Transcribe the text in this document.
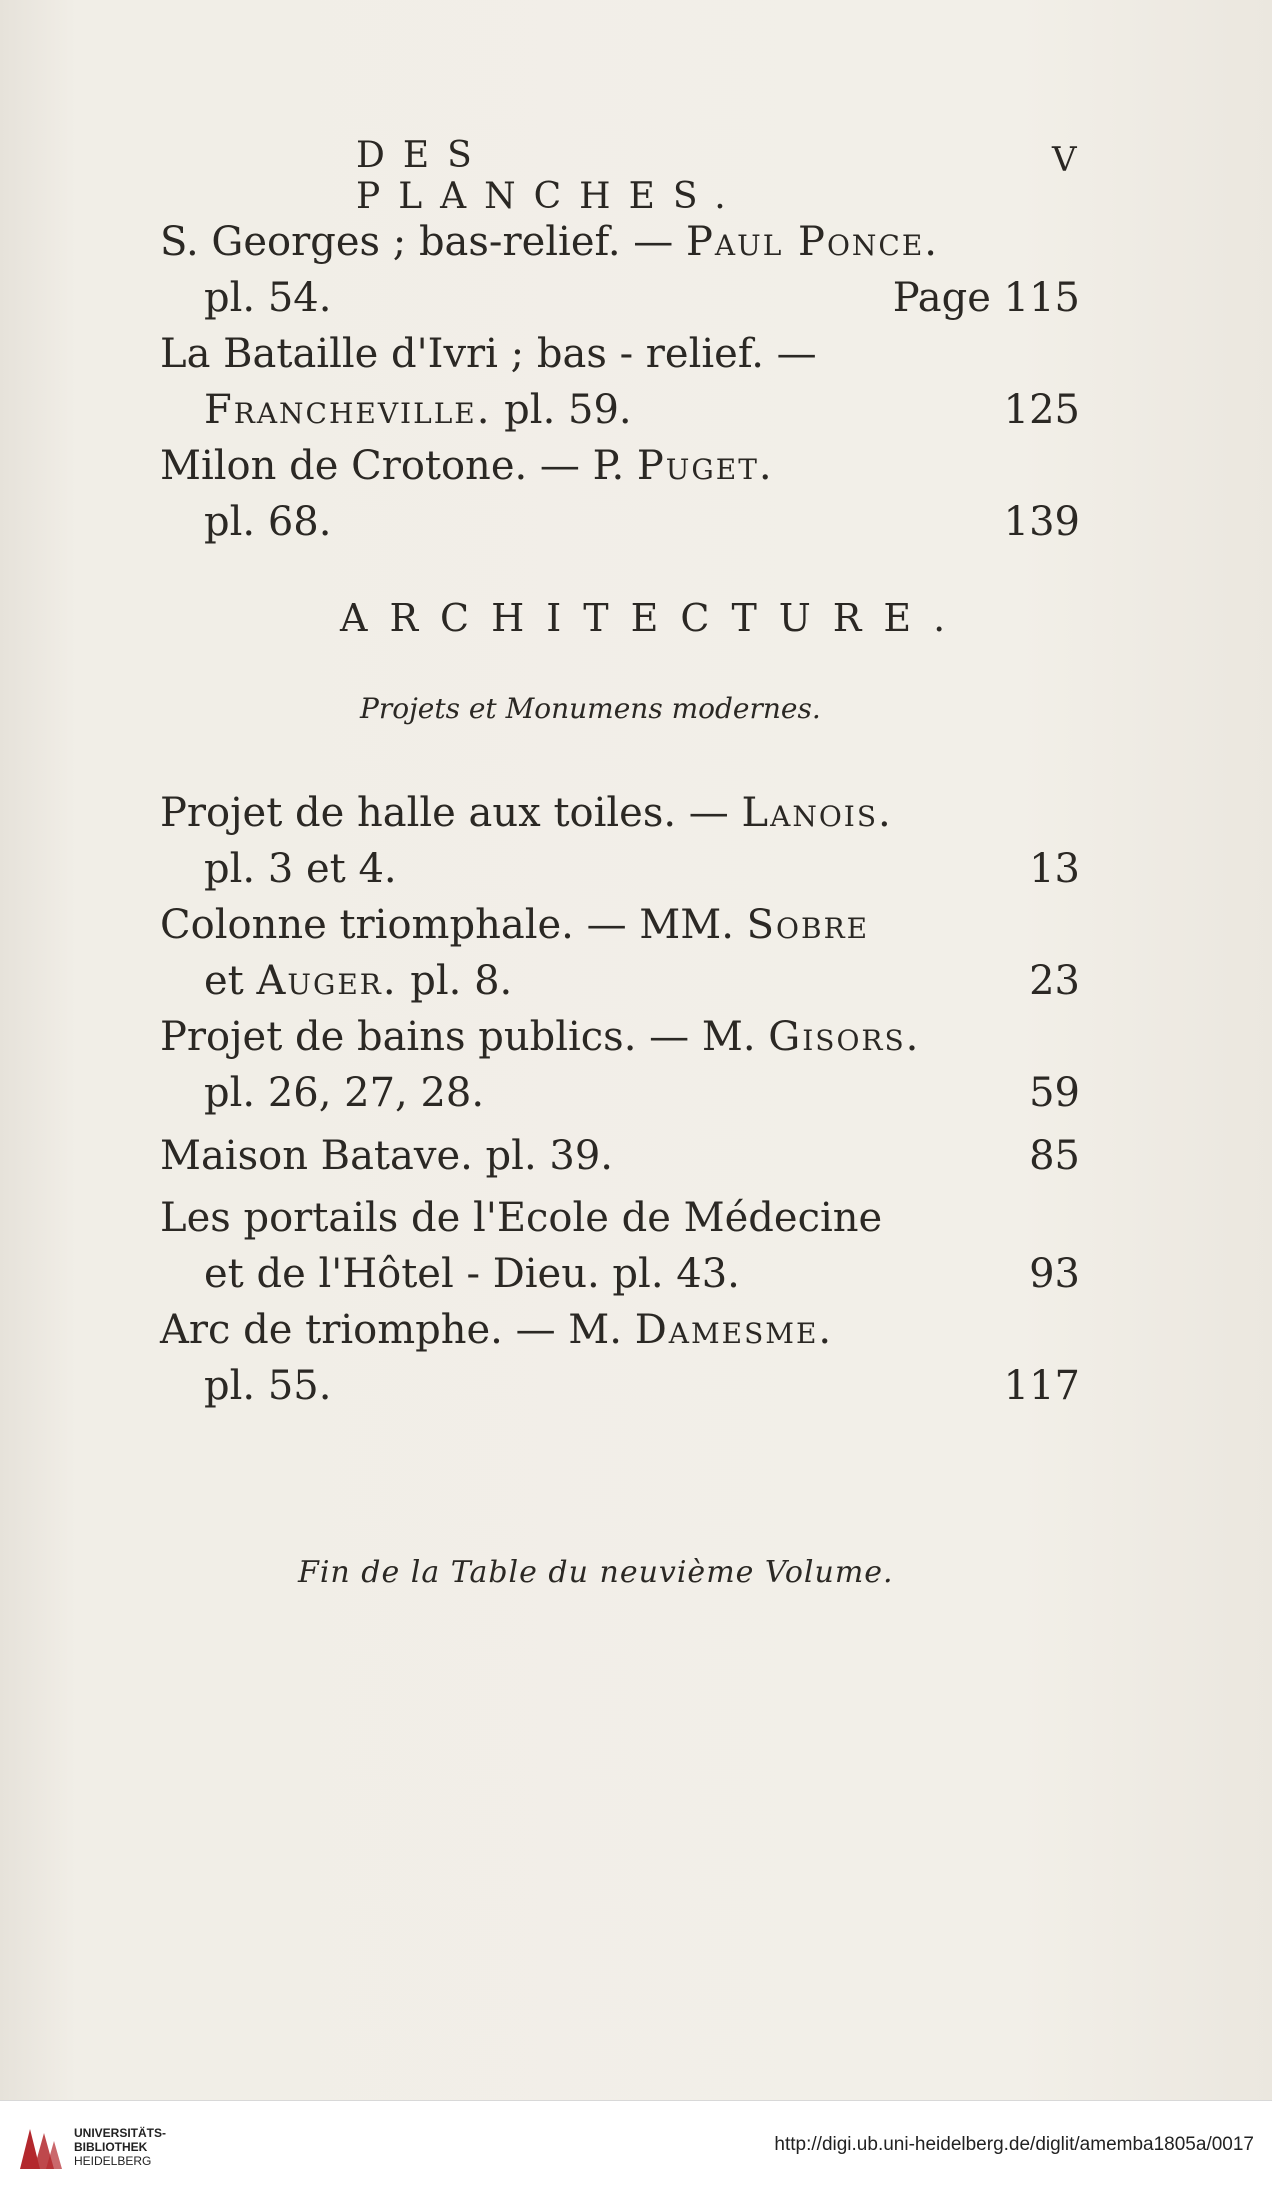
DES PLANCHES.
V
S. Georges ; bas-relief. — Paul Ponce.
pl. 54.	Page 115
La Bataille d'Ivri ; bas - relief. —
Francheville. pl. 59.	125
Milon de Crotone. — P. Puget.
pl. 68.	139
ARCHITECTURE.
Projets et Monumens modernes.
Projet de halle aux toiles. — Lanois.
pl. 3 et 4.	13
Colonne triomphale. — MM. Sobre
et Auger. pl. 8.	23
Projet de bains publics. — M. Gisors.
pl. 26, 27, 28.	59
Maison Batave. pl. 39.	85
Les portails de l'Ecole de Médecine
et de l'Hôtel - Dieu. pl. 43.	93
Arc de triomphe. — M. Damesme.
pl. 55.	117
Fin de la Table du neuvième Volume.
UNIVERSITÄTS-
BIBLIOTHEK
HEIDELBERG
http://digi.ub.uni-heidelberg.de/diglit/amemba1805a/0017
